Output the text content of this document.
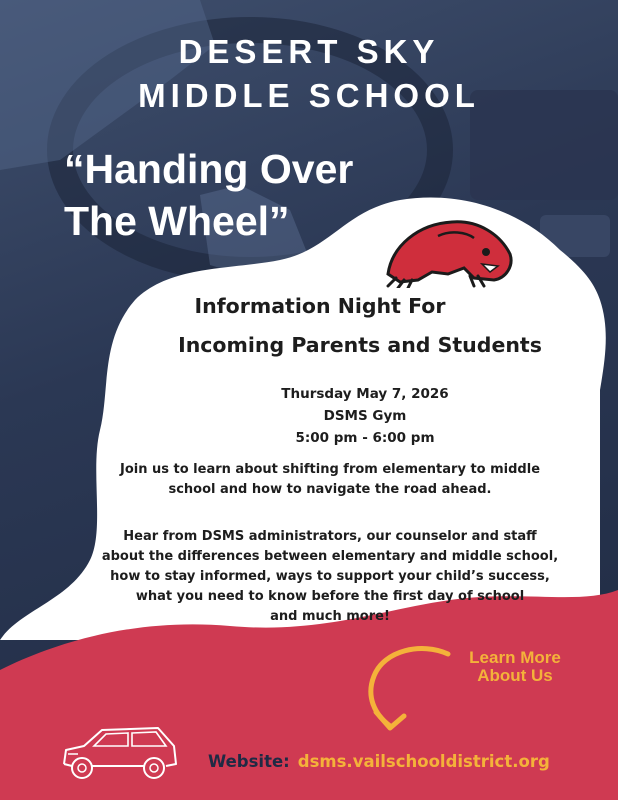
DESERT SKY
MIDDLE SCHOOL
“Handing Over
The Wheel”
Information Night For
Incoming Parents and Students
Thursday May 7, 2026
DSMS Gym
5:00 pm - 6:00 pm
Join us to learn about shifting from elementary to middle
school and how to navigate the road ahead.
Hear from DSMS administrators, our counselor and staff
about the differences between elementary and middle school,
how to stay informed, ways to support your child’s success,
what you need to know before the first day of school
and much more!
Learn More
About Us
Website: dsms.vailschooldistrict.org
